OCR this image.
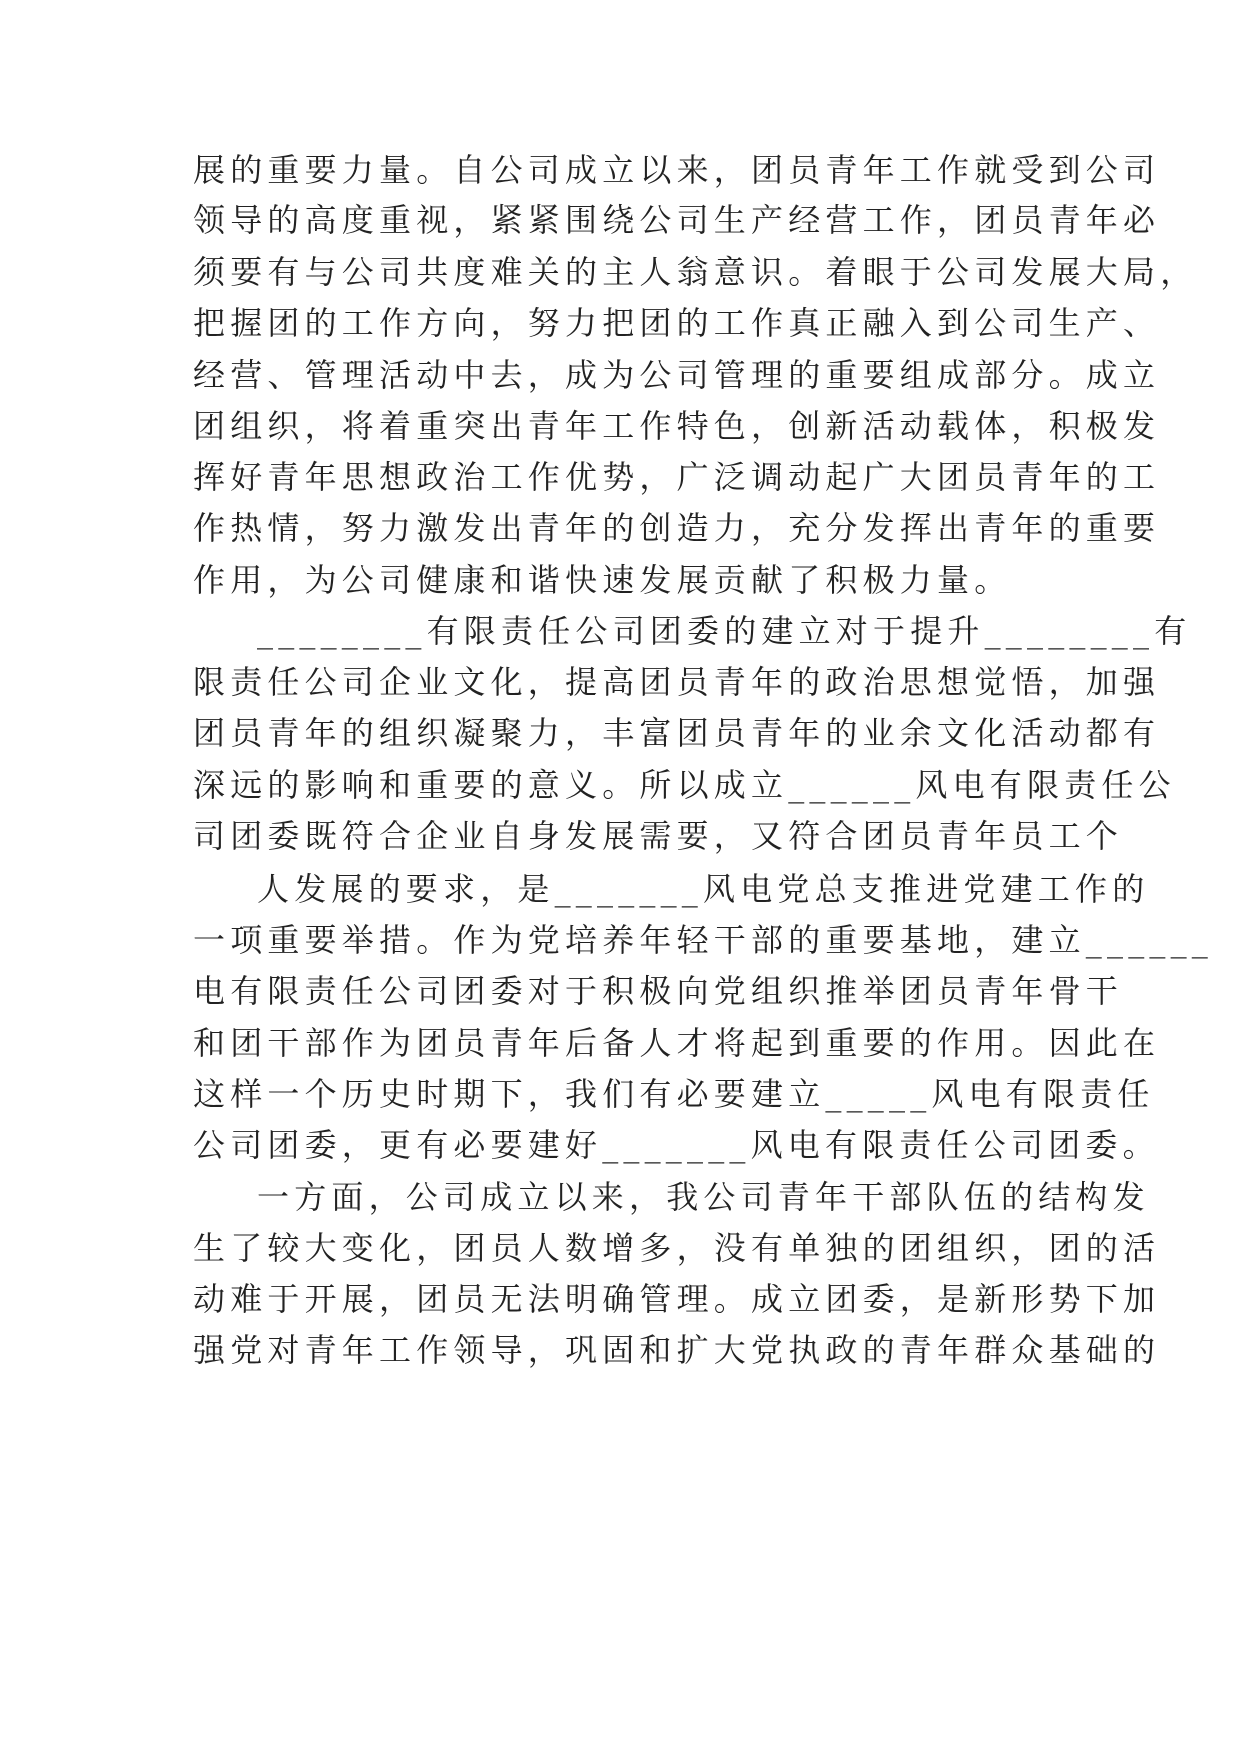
展的重要力量。自公司成立以来，团员青年工作就受到公司
领导的高度重视，紧紧围绕公司生产经营工作，团员青年必
须要有与公司共度难关的主人翁意识。着眼于公司发展大局，
把握团的工作方向，努力把团的工作真正融入到公司生产、
经营、管理活动中去，成为公司管理的重要组成部分。成立
团组织，将着重突出青年工作特色，创新活动载体，积极发
挥好青年思想政治工作优势，广泛调动起广大团员青年的工
作热情，努力激发出青年的创造力，充分发挥出青年的重要
作用，为公司健康和谐快速发展贡献了积极力量。
________有限责任公司团委的建立对于提升________有
限责任公司企业文化，提高团员青年的政治思想觉悟，加强
团员青年的组织凝聚力，丰富团员青年的业余文化活动都有
深远的影响和重要的意义。所以成立______风电有限责任公
司团委既符合企业自身发展需要，又符合团员青年员工个
人发展的要求，是_______风电党总支推进党建工作的
一项重要举措。作为党培养年轻干部的重要基地，建立______
电有限责任公司团委对于积极向党组织推举团员青年骨干
和团干部作为团员青年后备人才将起到重要的作用。因此在
这样一个历史时期下，我们有必要建立_____风电有限责任
公司团委，更有必要建好_______风电有限责任公司团委。
一方面，公司成立以来，我公司青年干部队伍的结构发
生了较大变化，团员人数增多，没有单独的团组织，团的活
动难于开展，团员无法明确管理。成立团委，是新形势下加
强党对青年工作领导，巩固和扩大党执政的青年群众基础的
